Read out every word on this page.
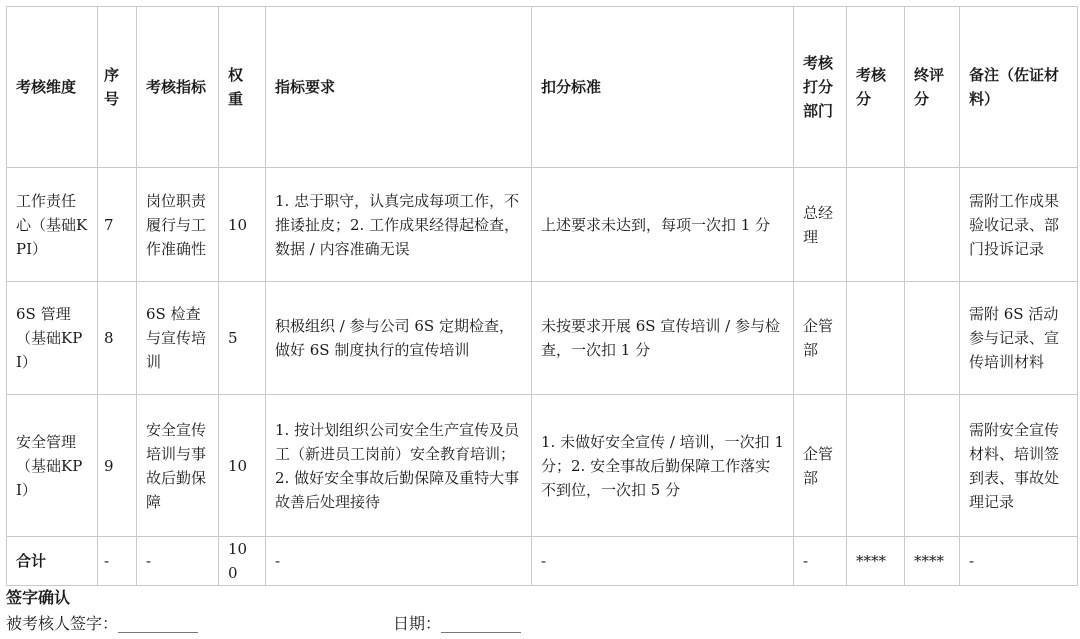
考核维度	序号	考核指标	权重	指标要求	扣分标准	考核打分部门	考核分	终评分	备注（佐证材料）
工作责任心（基础KPI）	7	岗位职责履行与工作准确性	10	1. 忠于职守，认真完成每项工作，不推诿扯皮；2. 工作成果经得起检查，数据 / 内容准确无误	上述要求未达到，每项一次扣 1 分	总经理			需附工作成果验收记录、部门投诉记录
6S 管理（基础KPI）	8	6S 检查与宣传培训	5	积极组织 / 参与公司 6S 定期检查，做好 6S 制度执行的宣传培训	未按要求开展 6S 宣传培训 / 参与检查，一次扣 1 分	企管部			需附 6S 活动参与记录、宣传培训材料
安全管理（基础KPI）	9	安全宣传培训与事故后勤保障	10	1. 按计划组织公司安全生产宣传及员工（新进员工岗前）安全教育培训；2. 做好安全事故后勤保障及重特大事故善后处理接待	1. 未做好安全宣传 / 培训，一次扣 1 分；2. 安全事故后勤保障工作落实不到位，一次扣 5 分	企管部			需附安全宣传材料、培训签到表、事故处理记录
合计	-	-	100	-	-	-	****	****	-
签字确认
被考核人签字：__________	日期：__________
